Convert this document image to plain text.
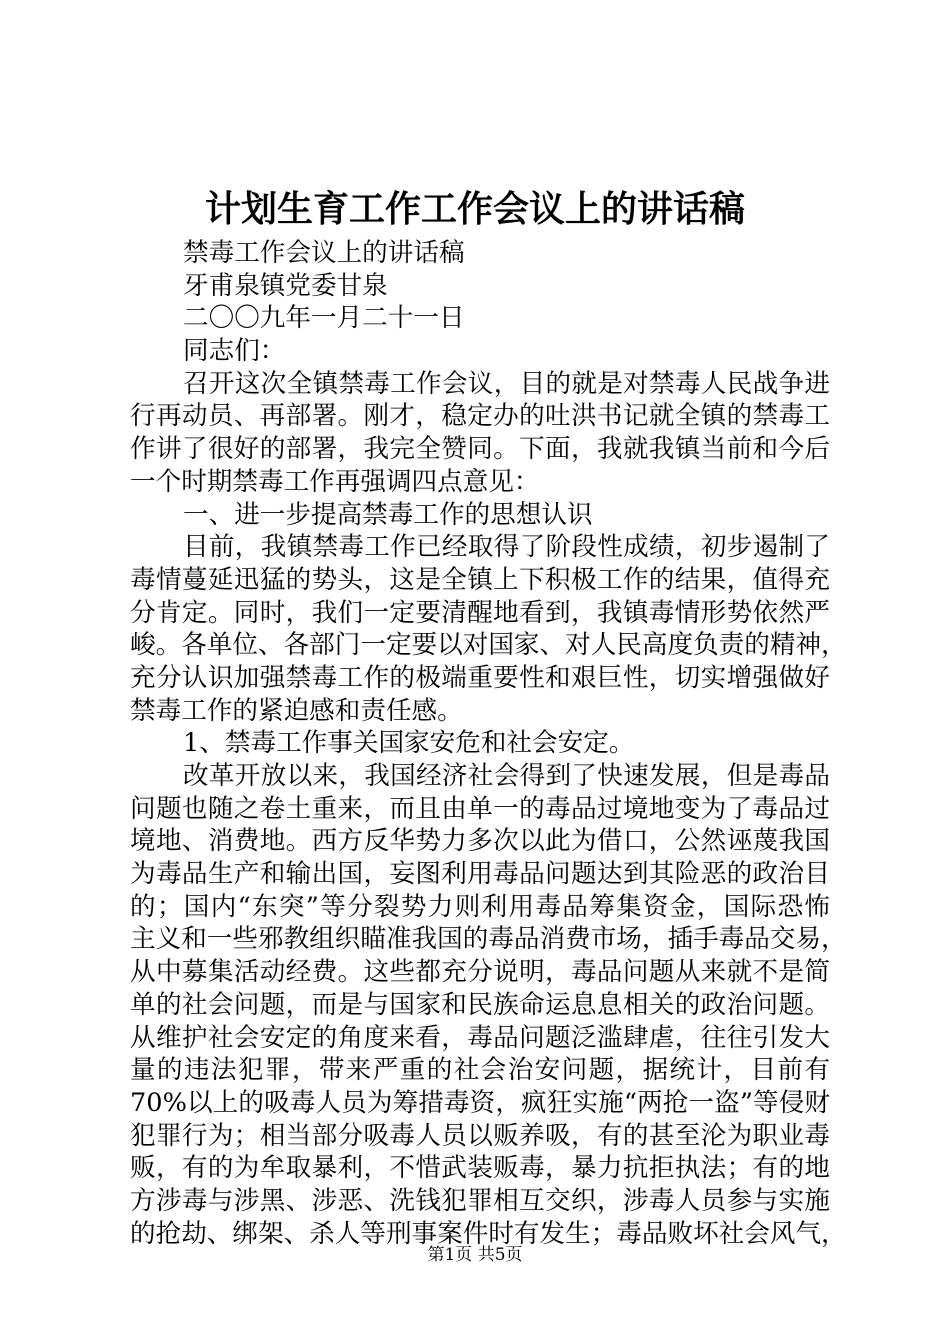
计划生育工作工作会议上的讲话稿
禁毒工作会议上的讲话稿
牙甫泉镇党委甘泉
二〇〇九年一月二十一日
同志们：
召开这次全镇禁毒工作会议，目的就是对禁毒人民战争进
行再动员、再部署。刚才，稳定办的吐洪书记就全镇的禁毒工
作讲了很好的部署，我完全赞同。下面，我就我镇当前和今后
一个时期禁毒工作再强调四点意见：
一、进一步提高禁毒工作的思想认识
目前，我镇禁毒工作已经取得了阶段性成绩，初步遏制了
毒情蔓延迅猛的势头，这是全镇上下积极工作的结果，值得充
分肯定。同时，我们一定要清醒地看到，我镇毒情形势依然严
峻。各单位、各部门一定要以对国家、对人民高度负责的精神，
充分认识加强禁毒工作的极端重要性和艰巨性，切实增强做好
禁毒工作的紧迫感和责任感。
1、禁毒工作事关国家安危和社会安定。
改革开放以来，我国经济社会得到了快速发展，但是毒品
问题也随之卷土重来，而且由单一的毒品过境地变为了毒品过
境地、消费地。西方反华势力多次以此为借口，公然诬蔑我国
为毒品生产和输出国，妄图利用毒品问题达到其险恶的政治目
的；国内“东突”等分裂势力则利用毒品筹集资金，国际恐怖
主义和一些邪教组织瞄准我国的毒品消费市场，插手毒品交易，
从中募集活动经费。这些都充分说明，毒品问题从来就不是简
单的社会问题，而是与国家和民族命运息息相关的政治问题。
从维护社会安定的角度来看，毒品问题泛滥肆虐，往往引发大
量的违法犯罪，带来严重的社会治安问题，据统计，目前有
70%以上的吸毒人员为筹措毒资，疯狂实施“两抢一盗”等侵财
犯罪行为；相当部分吸毒人员以贩养吸，有的甚至沦为职业毒
贩，有的为牟取暴利，不惜武装贩毒，暴力抗拒执法；有的地
方涉毒与涉黑、涉恶、洗钱犯罪相互交织，涉毒人员参与实施
的抢劫、绑架、杀人等刑事案件时有发生；毒品败坏社会风气，
第1页 共5页
